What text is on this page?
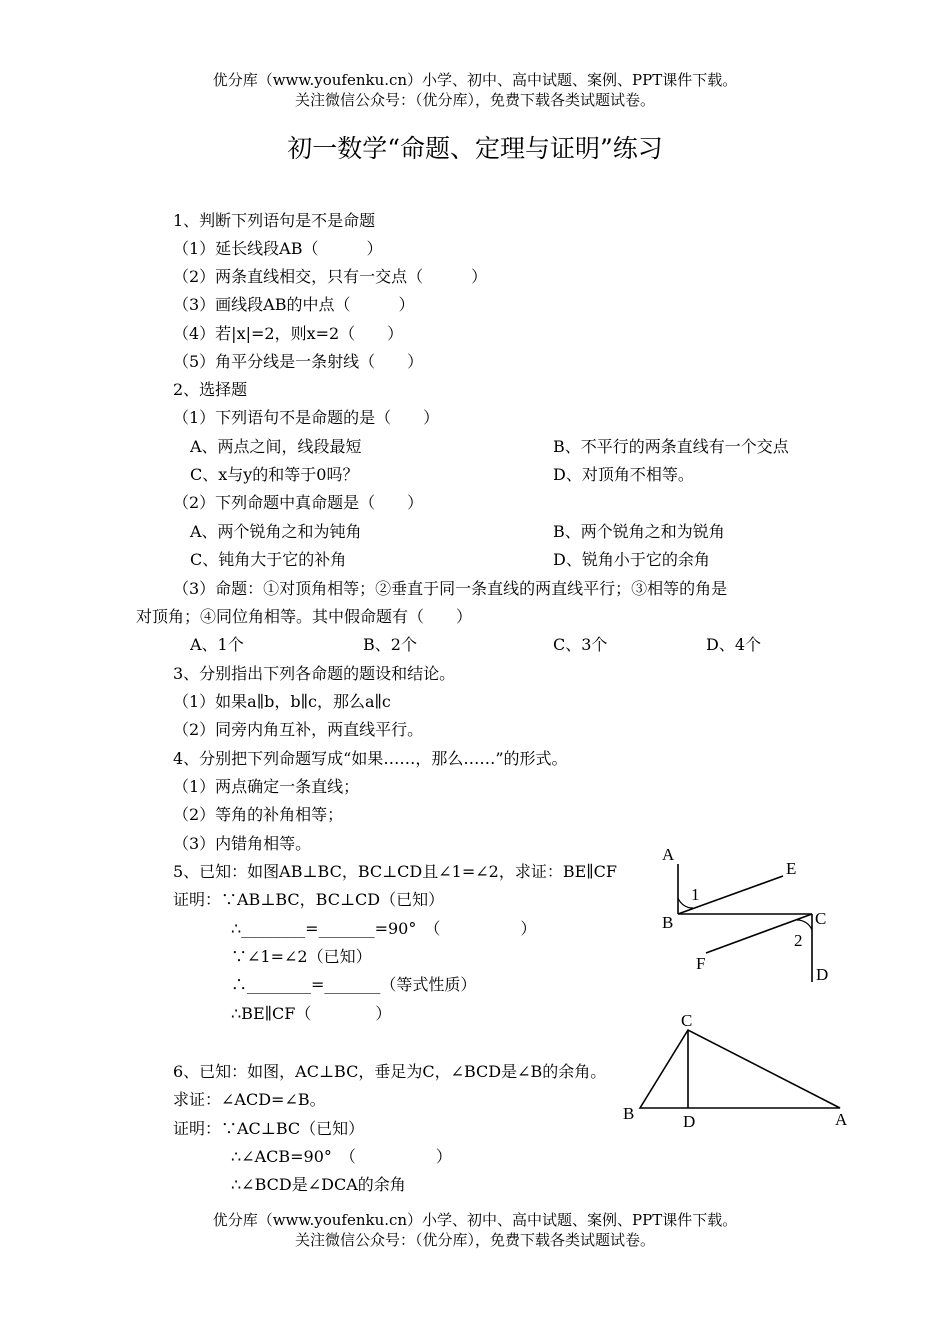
优分库（www.youfenku.cn）小学、初中、高中试题、案例、PPT课件下载。
关注微信公众号：（优分库），免费下载各类试题试卷。
初一数学“命题、定理与证明”练习
1、判断下列语句是不是命题
（1）延长线段AB（　　　）
（2）两条直线相交，只有一交点（　　　）
（3）画线段AB的中点（　　　）
（4）若|x|=2，则x=2（　　）
（5）角平分线是一条射线（　　）
2、选择题
（1）下列语句不是命题的是（　　）
A、两点之间，线段最短	B、不平行的两条直线有一个交点
C、x与y的和等于0吗？	D、对顶角不相等。
（2）下列命题中真命题是（　　）
A、两个锐角之和为钝角	B、两个锐角之和为锐角
C、钝角大于它的补角	D、锐角小于它的余角
（3）命题：①对顶角相等；②垂直于同一条直线的两直线平行；③相等的角是
对顶角；④同位角相等。其中假命题有（　　）
A、1个	B、2个	C、3个	D、4个
3、分别指出下列各命题的题设和结论。
（1）如果a∥b，b∥c，那么a∥c
（2）同旁内角互补，两直线平行。
4、分别把下列命题写成“如果……，那么……”的形式。
（1）两点确定一条直线；
（2）等角的补角相等；
（3）内错角相等。
5、已知：如图AB⊥BC，BC⊥CD且∠1=∠2，求证：BE∥CF
证明：∵AB⊥BC，BC⊥CD（已知）
∴________=_______=90°　（　　　　　）
∵∠1=∠2（已知）
∴________=_______（等式性质）
∴BE∥CF（　　　　）
A
E
1
B	C
2
F
D
6、已知：如图，AC⊥BC，垂足为C，∠BCD是∠B的余角。
求证：∠ACD=∠B。
证明：∵AC⊥BC（已知）
∴∠ACB=90°　（　　　　　）
∴∠BCD是∠DCA的余角
C
B	D	A
优分库（www.youfenku.cn）小学、初中、高中试题、案例、PPT课件下载。
关注微信公众号：（优分库），免费下载各类试题试卷。
